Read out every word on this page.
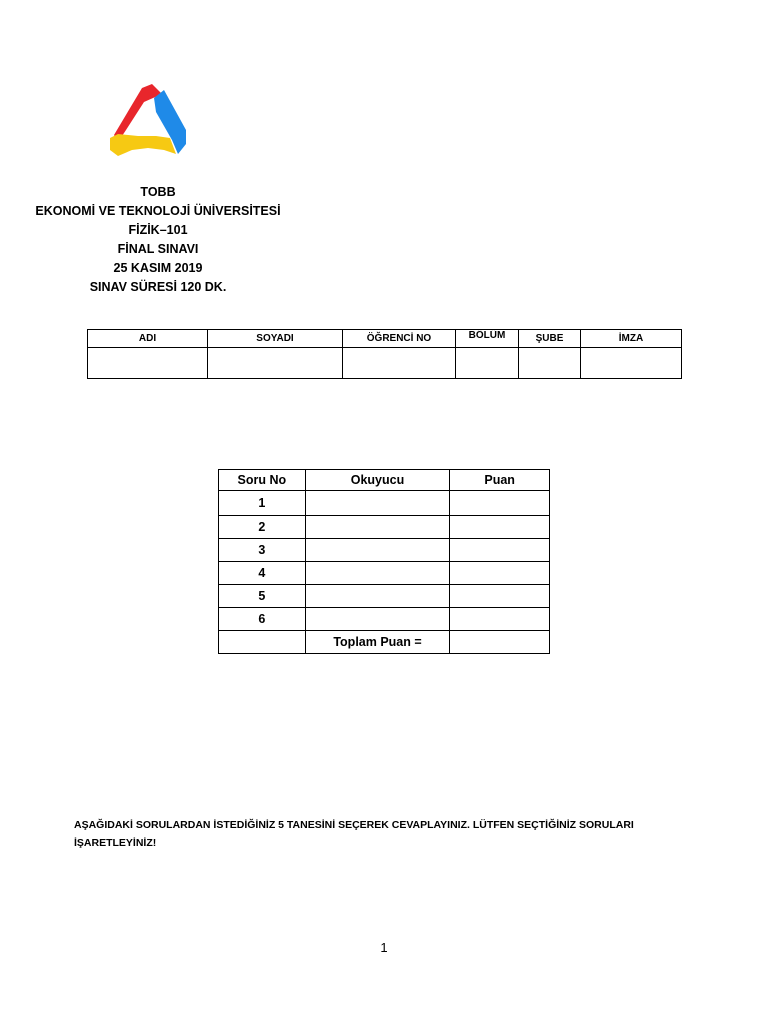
TOBB
EKONOMİ VE TEKNOLOJİ ÜNİVERSİTESİ
FİZİK–101
FİNAL SINAVI
25 KASIM 2019
SINAV SÜRESİ 120 DK.
ADI	SOYADI	ÖĞRENCİ NO	BÖLÜM	ŞUBE	İMZA

Soru No	Okuyucu	Puan
1		
2		
3		
4		
5		
6		
	Toplam Puan =	
AŞAĞIDAKİ SORULARDAN İSTEDİĞİNİZ 5 TANESİNİ SEÇEREK CEVAPLAYINIZ. LÜTFEN SEÇTİĞİNİZ SORULARI
İŞARETLEYİNİZ!
1
